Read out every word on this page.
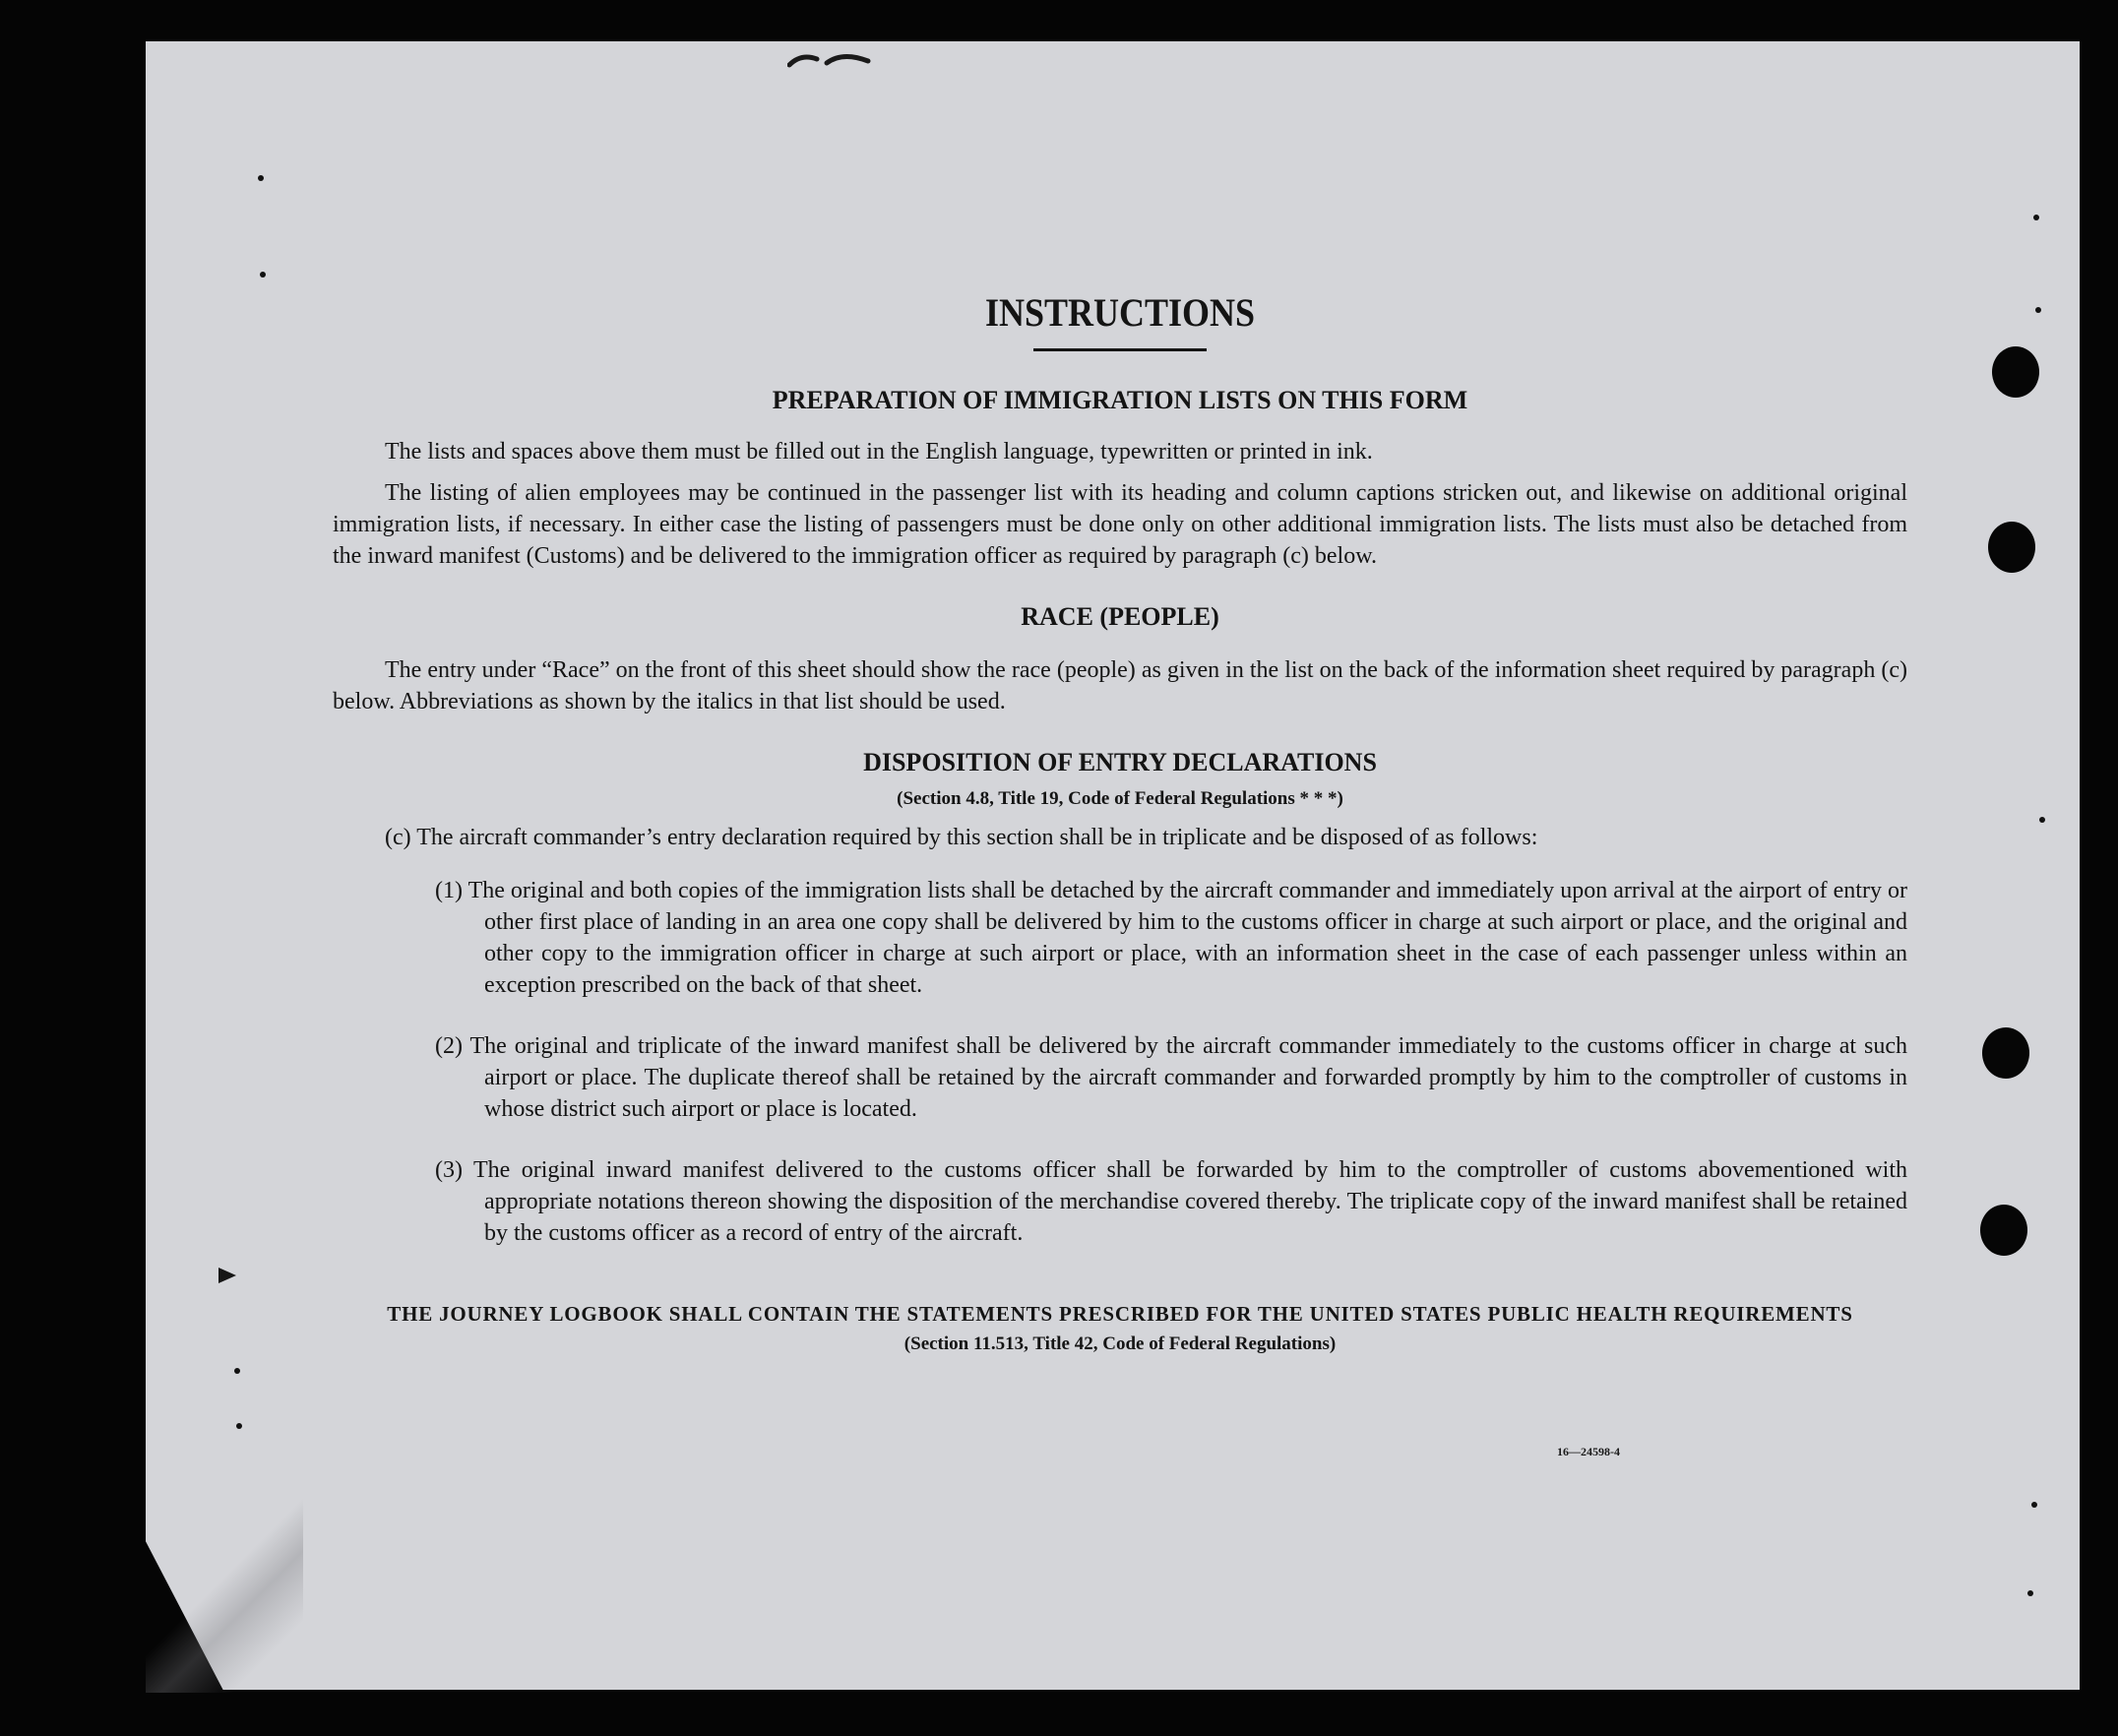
INSTRUCTIONS
PREPARATION OF IMMIGRATION LISTS ON THIS FORM

The lists and spaces above them must be filled out in the English language, typewritten or printed in ink.

The listing of alien employees may be continued in the passenger list with its heading and column captions stricken out, and likewise on additional original immigration lists, if necessary. In either case the listing of passengers must be done only on other additional immigration lists. The lists must also be detached from the inward manifest (Customs) and be delivered to the immigration officer as required by paragraph (c) below.

RACE (PEOPLE)

The entry under “Race” on the front of this sheet should show the race (people) as given in the list on the back of the information sheet required by paragraph (c) below. Abbreviations as shown by the italics in that list should be used.

DISPOSITION OF ENTRY DECLARATIONS
(Section 4.8, Title 19, Code of Federal Regulations * * *)

(c) The aircraft commander’s entry declaration required by this section shall be in triplicate and be disposed of as follows:

(1) The original and both copies of the immigration lists shall be detached by the aircraft commander and immediately upon arrival at the airport of entry or other first place of landing in an area one copy shall be delivered by him to the customs officer in charge at such airport or place, and the original and other copy to the immigration officer in charge at such airport or place, with an information sheet in the case of each passenger unless within an exception prescribed on the back of that sheet.

(2) The original and triplicate of the inward manifest shall be delivered by the aircraft commander immediately to the customs officer in charge at such airport or place. The duplicate thereof shall be retained by the aircraft commander and forwarded promptly by him to the comptroller of customs in whose district such airport or place is located.

(3) The original inward manifest delivered to the customs officer shall be forwarded by him to the comptroller of customs abovementioned with appropriate notations thereon showing the disposition of the merchandise covered thereby. The triplicate copy of the inward manifest shall be retained by the customs officer as a record of entry of the aircraft.

THE JOURNEY LOGBOOK SHALL CONTAIN THE STATEMENTS PRESCRIBED FOR THE UNITED STATES PUBLIC HEALTH REQUIREMENTS
(Section 11.513, Title 42, Code of Federal Regulations)
16—24598-4
